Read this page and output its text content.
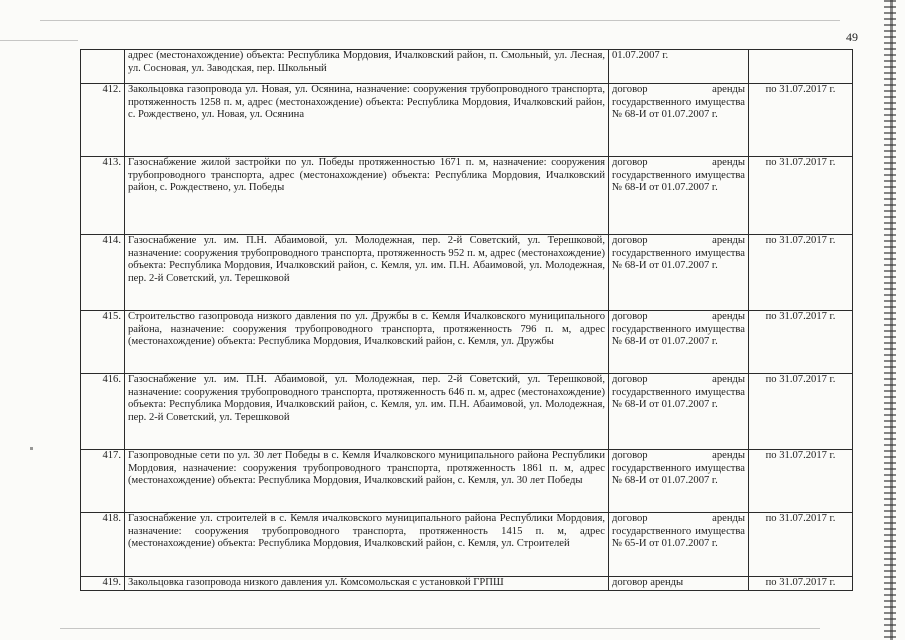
49
	адрес (местонахождение) объекта: Республика Мордовия, Ичалковский район, п. Смольный, ул. Лесная, ул. Сосновая, ул. Заводская, пер. Школьный	01.07.2007 г.	
412.	Закольцовка газопровода ул. Новая, ул. Осянина, назначение: сооружения трубопроводного транспорта, протяженность 1258 п. м, адрес (местонахождение) объекта: Республика Мордовия, Ичалковский район, с. Рождествено, ул. Новая, ул. Осянина	договор аренды государственного имущества № 68-И от 01.07.2007 г.	по 31.07.2017 г.
413.	Газоснабжение жилой застройки по ул. Победы протяженностью 1671 п. м, назначение: сооружения трубопроводного транспорта, адрес (местонахождение) объекта: Республика Мордовия, Ичалковский район, с. Рождествено, ул. Победы	договор аренды государственного имущества № 68-И от 01.07.2007 г.	по 31.07.2017 г.
414.	Газоснабжение ул. им. П.Н. Абаимовой, ул. Молодежная, пер. 2-й Советский, ул. Терешковой, назначение: сооружения трубопроводного транспорта, протяженность 952 п. м, адрес (местонахождение) объекта: Республика Мордовия, Ичалковский район, с. Кемля, ул. им. П.Н. Абаимовой, ул. Молодежная, пер. 2-й Советский, ул. Терешковой	договор аренды государственного имущества № 68-И от 01.07.2007 г.	по 31.07.2017 г.
415.	Строительство газопровода низкого давления по ул. Дружбы в с. Кемля Ичалковского муниципального района, назначение: сооружения трубопроводного транспорта, протяженность 796 п. м, адрес (местонахождение) объекта: Республика Мордовия, Ичалковский район, с. Кемля, ул. Дружбы	договор аренды государственного имущества № 68-И от 01.07.2007 г.	по 31.07.2017 г.
416.	Газоснабжение ул. им. П.Н. Абаимовой, ул. Молодежная, пер. 2-й Советский, ул. Терешковой, назначение: сооружения трубопроводного транспорта, протяженность 646 п. м, адрес (местонахождение) объекта: Республика Мордовия, Ичалковский район, с. Кемля, ул. им. П.Н. Абаимовой, ул. Молодежная, пер. 2-й Советский, ул. Терешковой	договор аренды государственного имущества № 68-И от 01.07.2007 г.	по 31.07.2017 г.
417.	Газопроводные сети по ул. 30 лет Победы в с. Кемля Ичалковского муниципального района Республики Мордовия, назначение: сооружения трубопроводного транспорта, протяженность 1861 п. м, адрес (местонахождение) объекта: Республика Мордовия, Ичалковский район, с. Кемля, ул. 30 лет Победы	договор аренды государственного имущества № 68-И от 01.07.2007 г.	по 31.07.2017 г.
418.	Газоснабжение ул. строителей в с. Кемля ичалковского муниципального района Республики Мордовия, назначение: сооружения трубопроводного транспорта, протяженность 1415 п. м, адрес (местонахождение) объекта: Республика Мордовия, Ичалковский район, с. Кемля, ул. Строителей	договор аренды государственного имущества № 65-И от 01.07.2007 г.	по 31.07.2017 г.
419.	Закольцовка газопровода низкого давления ул. Комсомольская с установкой ГРПШ	договор аренды	по 31.07.2017 г.
